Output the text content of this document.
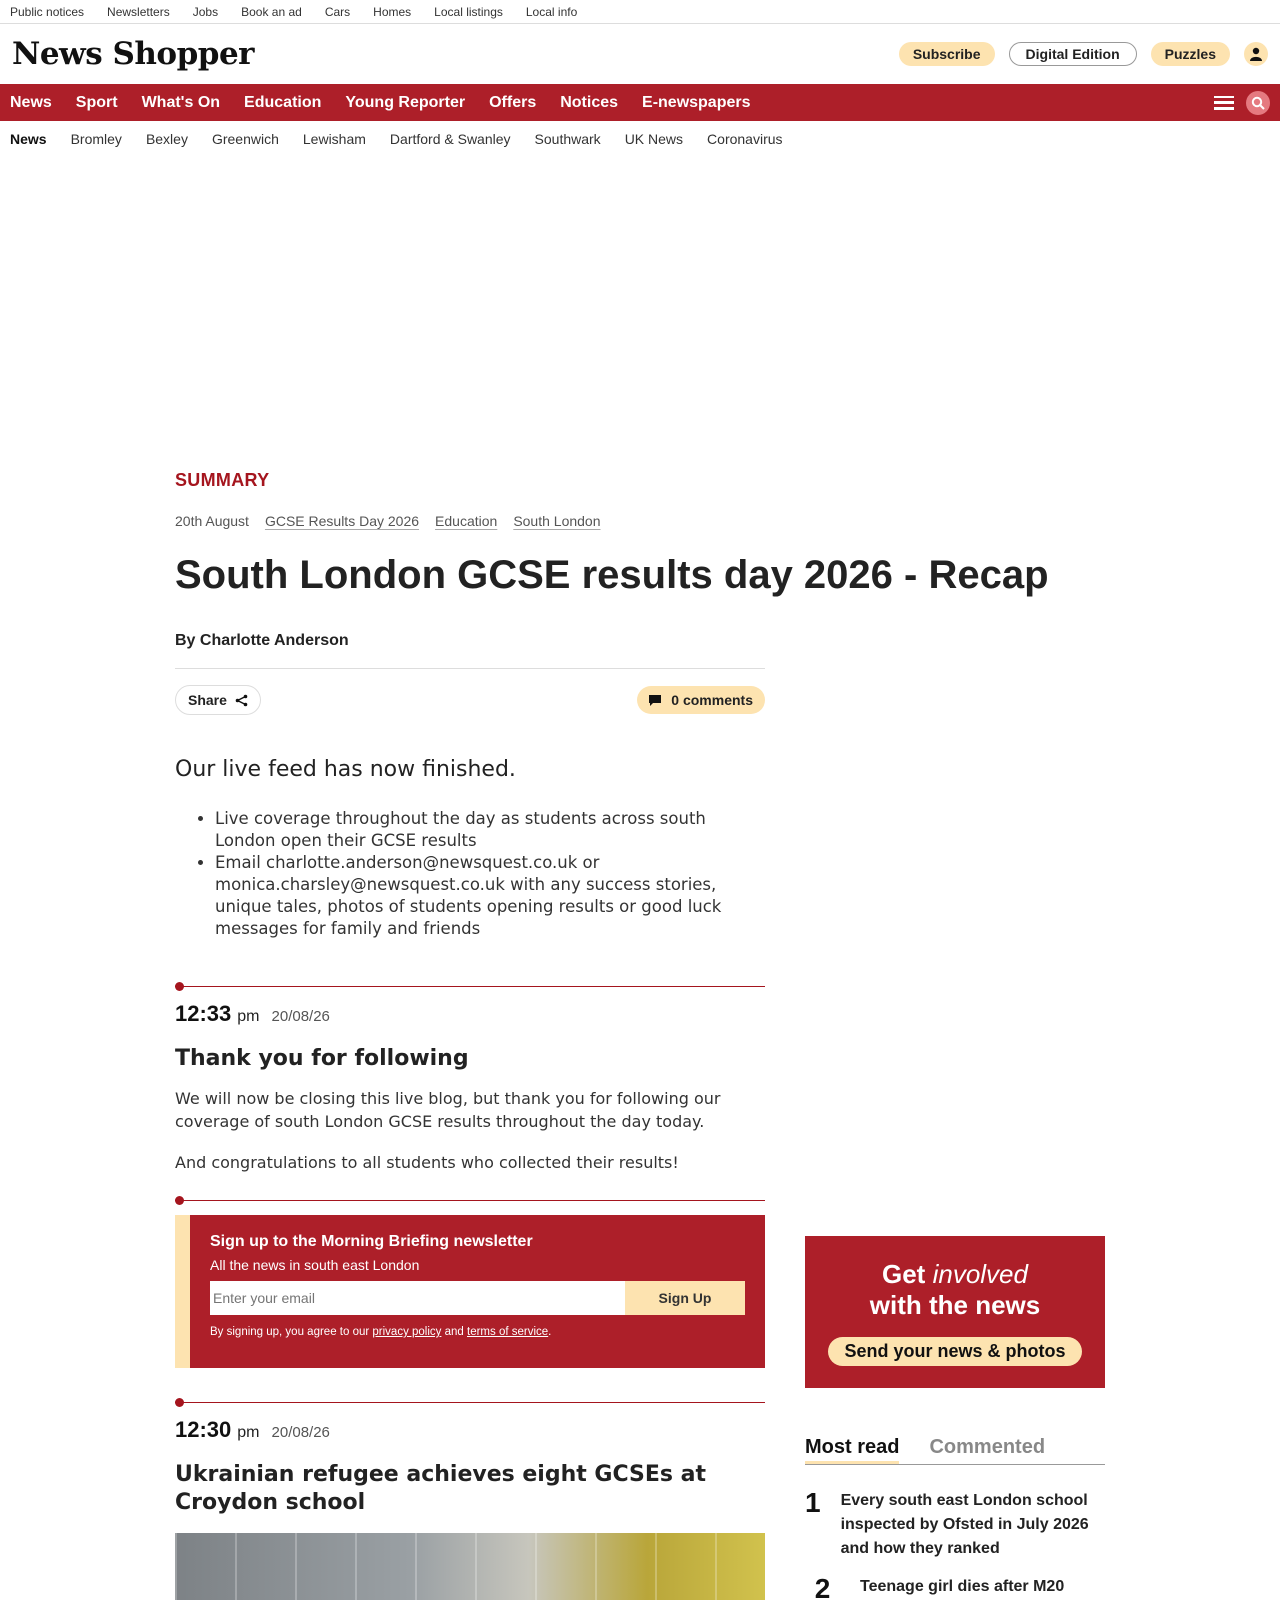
Public notices Newsletters Jobs Book an ad Cars Homes Local listings Local info
News Shopper	Subscribe	Digital Edition	Puzzles
News Sport What's On Education Young Reporter Offers Notices E-newspapers
News Bromley Bexley Greenwich Lewisham Dartford & Swanley Southwark UK News Coronavirus
SUMMARY
20th August GCSE Results Day 2026 Education South London
South London GCSE results day 2026 - Recap
By Charlotte Anderson
Share	0 comments
Our live feed has now finished.
• Live coverage throughout the day as students across south London open their GCSE results
• Email charlotte.anderson@newsquest.co.uk or monica.charsley@newsquest.co.uk with any success stories, unique tales, photos of students opening results or good luck messages for family and friends
12:33 pm 20/08/26
Thank you for following

We will now be closing this live blog, but thank you for following our coverage of south London GCSE results throughout the day today.

And congratulations to all students who collected their results!

Sign up to the Morning Briefing newsletter
All the news in south east London
Enter your email
Sign Up
By signing up, you agree to our privacy policy and terms of service.
12:30 pm 20/08/26
Ukrainian refugee achieves eight GCSEs at Croydon school
Get involved
with the news
Send your news & photos
Most read Commented
1 Every south east London school inspected by Ofsted in July 2026 and how they ranked
2	Teenage girl dies after M20
